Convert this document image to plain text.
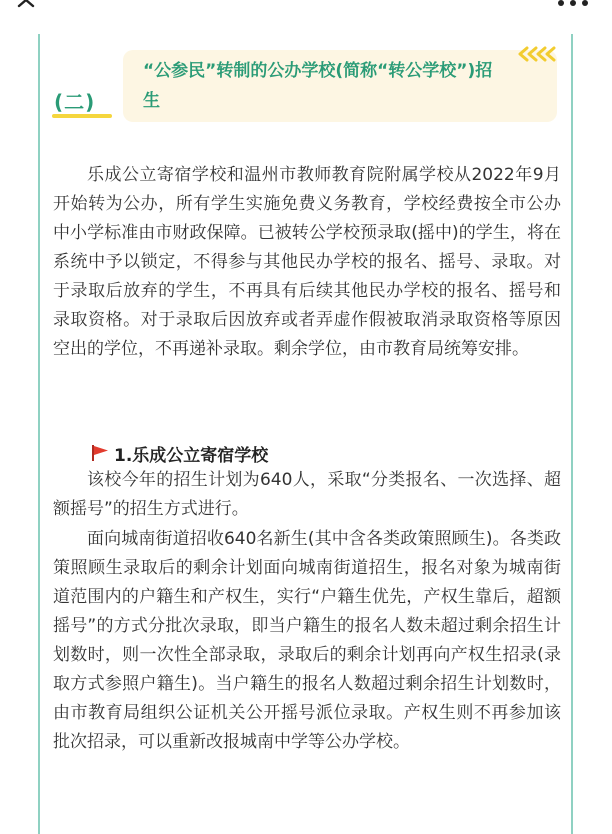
(二)
“公参民”转制的公办学校(简称“转公学校”)招生

乐成公立寄宿学校和温州市教师教育院附属学校从2022年9月开始转为公办，所有学生实施免费义务教育，学校经费按全市公办中小学标准由市财政保障。已被转公学校预录取(摇中)的学生，将在系统中予以锁定，不得参与其他民办学校的报名、摇号、录取。对于录取后放弃的学生，不再具有后续其他民办学校的报名、摇号和录取资格。对于录取后因放弃或者弄虚作假被取消录取资格等原因空出的学位，不再递补录取。剩余学位，由市教育局统筹安排。

1.乐成公立寄宿学校

该校今年的招生计划为640人，采取“分类报名、一次选择、超额摇号”的招生方式进行。

面向城南街道招收640名新生(其中含各类政策照顾生)。各类政策照顾生录取后的剩余计划面向城南街道招生，报名对象为城南街道范围内的户籍生和产权生，实行“户籍生优先，产权生靠后，超额摇号”的方式分批次录取，即当户籍生的报名人数未超过剩余招生计划数时，则一次性全部录取，录取后的剩余计划再向产权生招录(录取方式参照户籍生)。当户籍生的报名人数超过剩余招生计划数时，由市教育局组织公证机关公开摇号派位录取。产权生则不再参加该批次招录，可以重新改报城南中学等公办学校。
